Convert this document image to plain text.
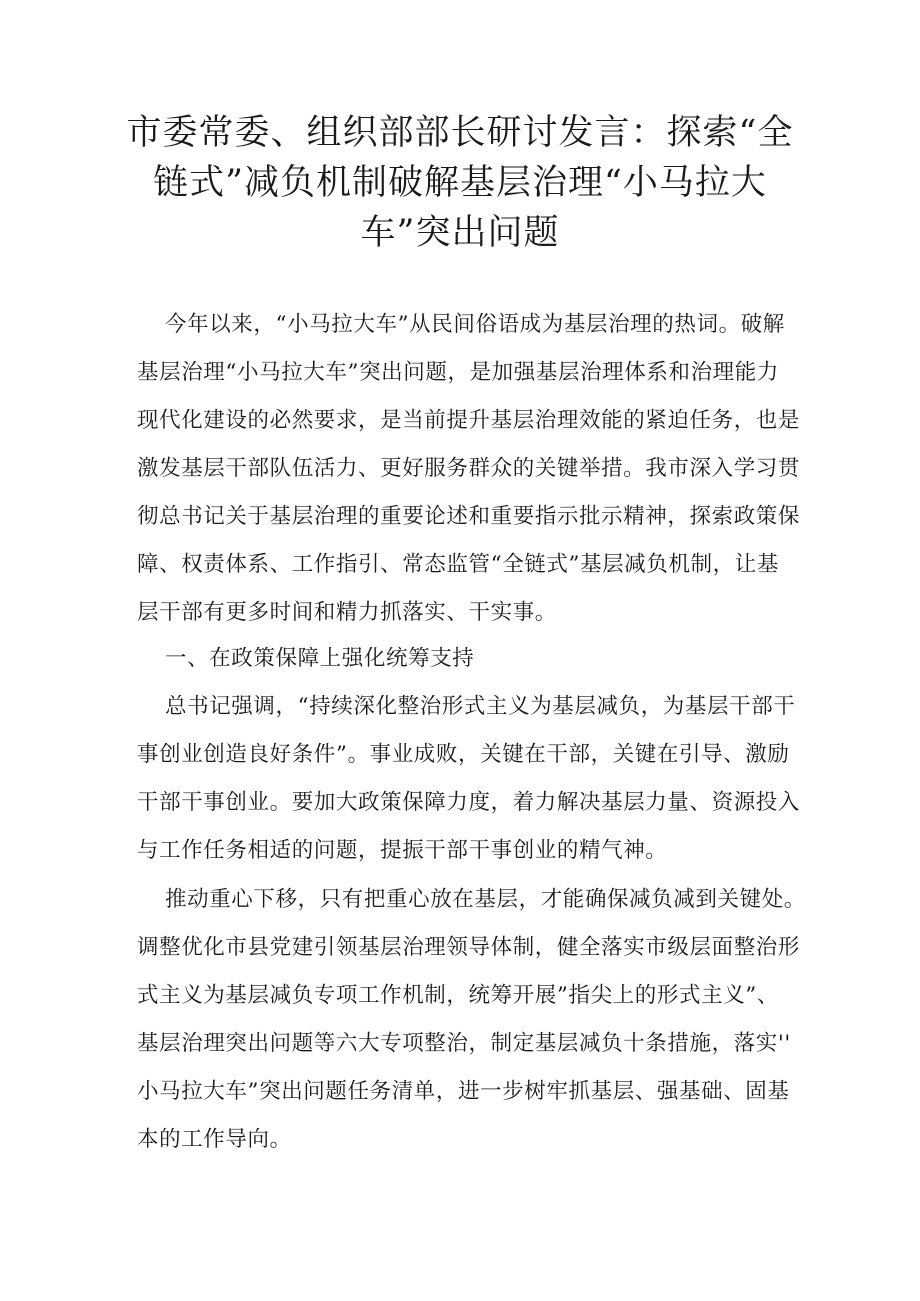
市委常委、组织部部长研讨发言：探索“全
链式”减负机制破解基层治理“小马拉大
车”突出问题
今年以来，“小马拉大车”从民间俗语成为基层治理的热词。破解
基层治理“小马拉大车”突出问题，是加强基层治理体系和治理能力
现代化建设的必然要求，是当前提升基层治理效能的紧迫任务，也是
激发基层干部队伍活力、更好服务群众的关键举措。我市深入学习贯
彻总书记关于基层治理的重要论述和重要指示批示精神，探索政策保
障、权责体系、工作指引、常态监管“全链式”基层减负机制，让基
层干部有更多时间和精力抓落实、干实事。
一、在政策保障上强化统筹支持
总书记强调，“持续深化整治形式主义为基层减负，为基层干部干
事创业创造良好条件”。事业成败，关键在干部，关键在引导、激励
干部干事创业。要加大政策保障力度，着力解决基层力量、资源投入
与工作任务相适的问题，提振干部干事创业的精气神。
推动重心下移，只有把重心放在基层，才能确保减负减到关键处。
调整优化市县党建引领基层治理领导体制，健全落实市级层面整治形
式主义为基层减负专项工作机制，统筹开展”指尖上的形式主义”、
基层治理突出问题等六大专项整治，制定基层减负十条措施，落实''
小马拉大车”突出问题任务清单，进一步树牢抓基层、强基础、固基
本的工作导向。
